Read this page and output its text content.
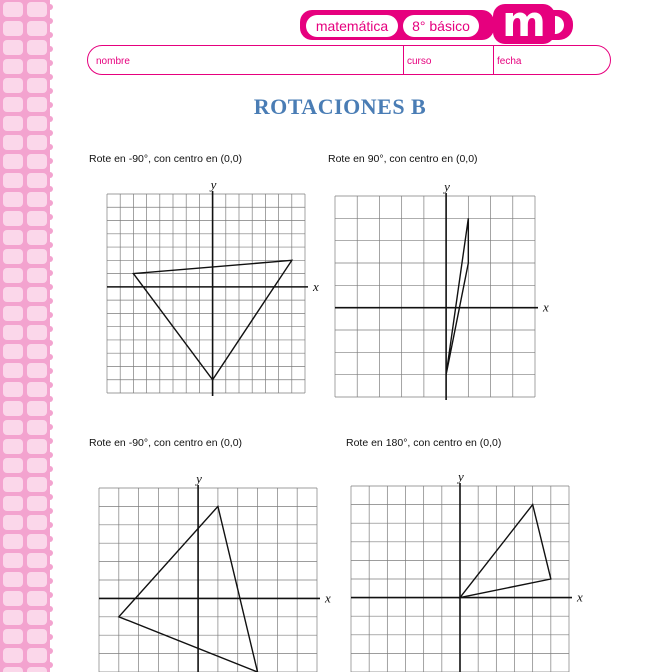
matemática	8° básico m
nombre	curso	fecha
ROTACIONES B
Rote en -90°, con centro en (0,0)	Rote en 90°, con centro en (0,0)
Rote en -90°, con centro en (0,0)	Rote en 180°, con centro en (0,0)
x
y
x
y
x
y
x
y
